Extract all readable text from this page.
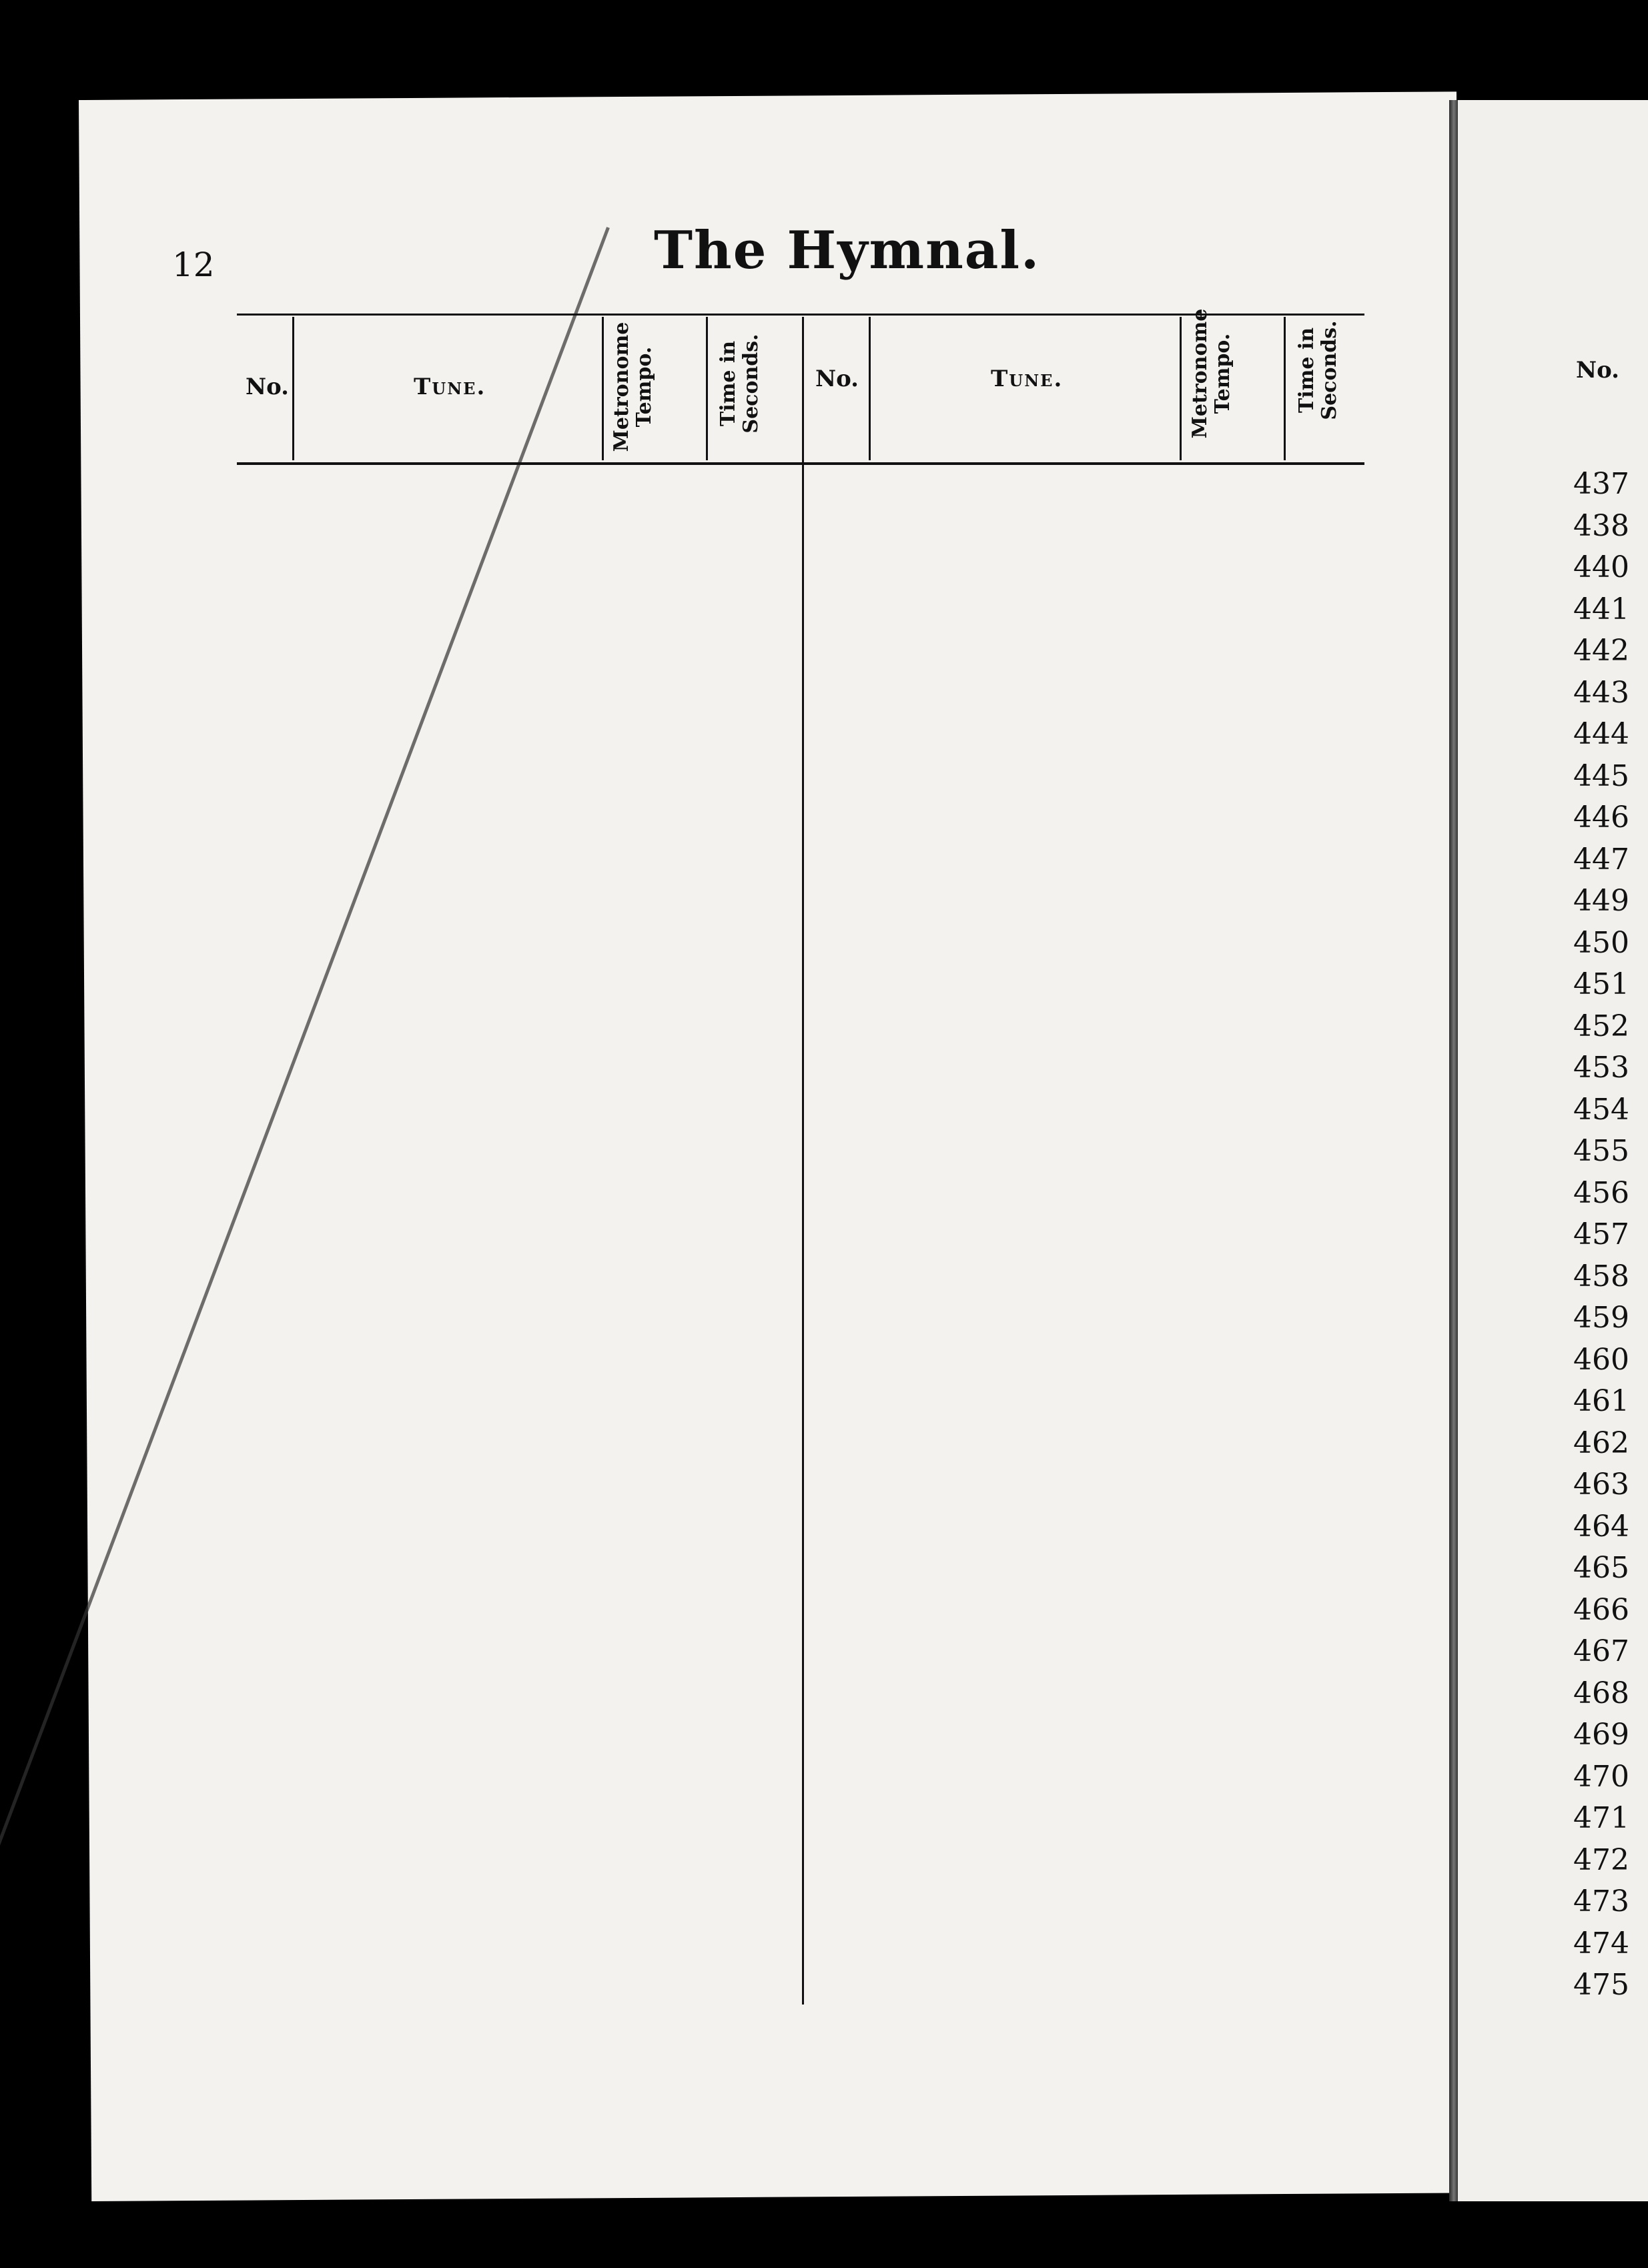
12	The Hymnal.
No.	Tune.	Metronome Tempo.	Time in Seconds. No.	Tune.	Metronome Tempo.	Time in Seconds.	No.
437
438
440
441
442
443
444
445
446
447
449
450
451
452
453
454
455
456
457
458
459
460
461
462
463
464
465
466
467
468
469
470
471
472
473
474
475
